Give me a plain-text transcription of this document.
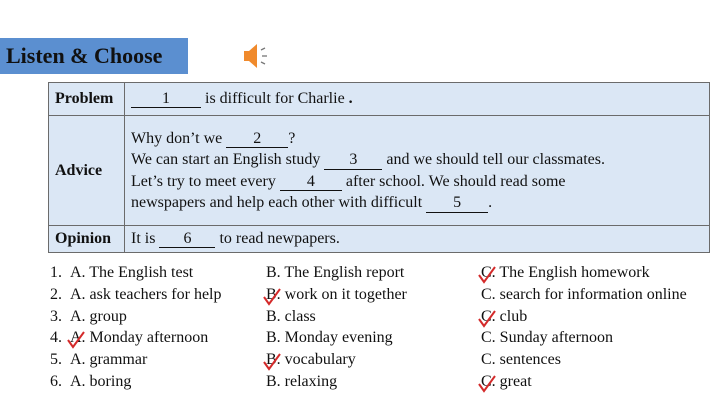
Listen & Choose
Problem	1 is difficult for Charlie .
Advice	Why don’t we 2 ?
We can start an English study 3 and we should tell our classmates.
Let’s try to meet every 4 after school. We should read some
newspapers and help each other with difficult 5 .

Opinion	It is 6 to read newpapers.
1. A. The English test	B. The English report	C. The English homework
2. A. ask teachers for help	B. work on it together	C. search for information online
3. A. group	B. class	C. club
4. A. Monday afternoon	B. Monday evening	C. Sunday afternoon
5. A. grammar	B. vocabulary	C. sentences
6. A. boring	B. relaxing	C. great
